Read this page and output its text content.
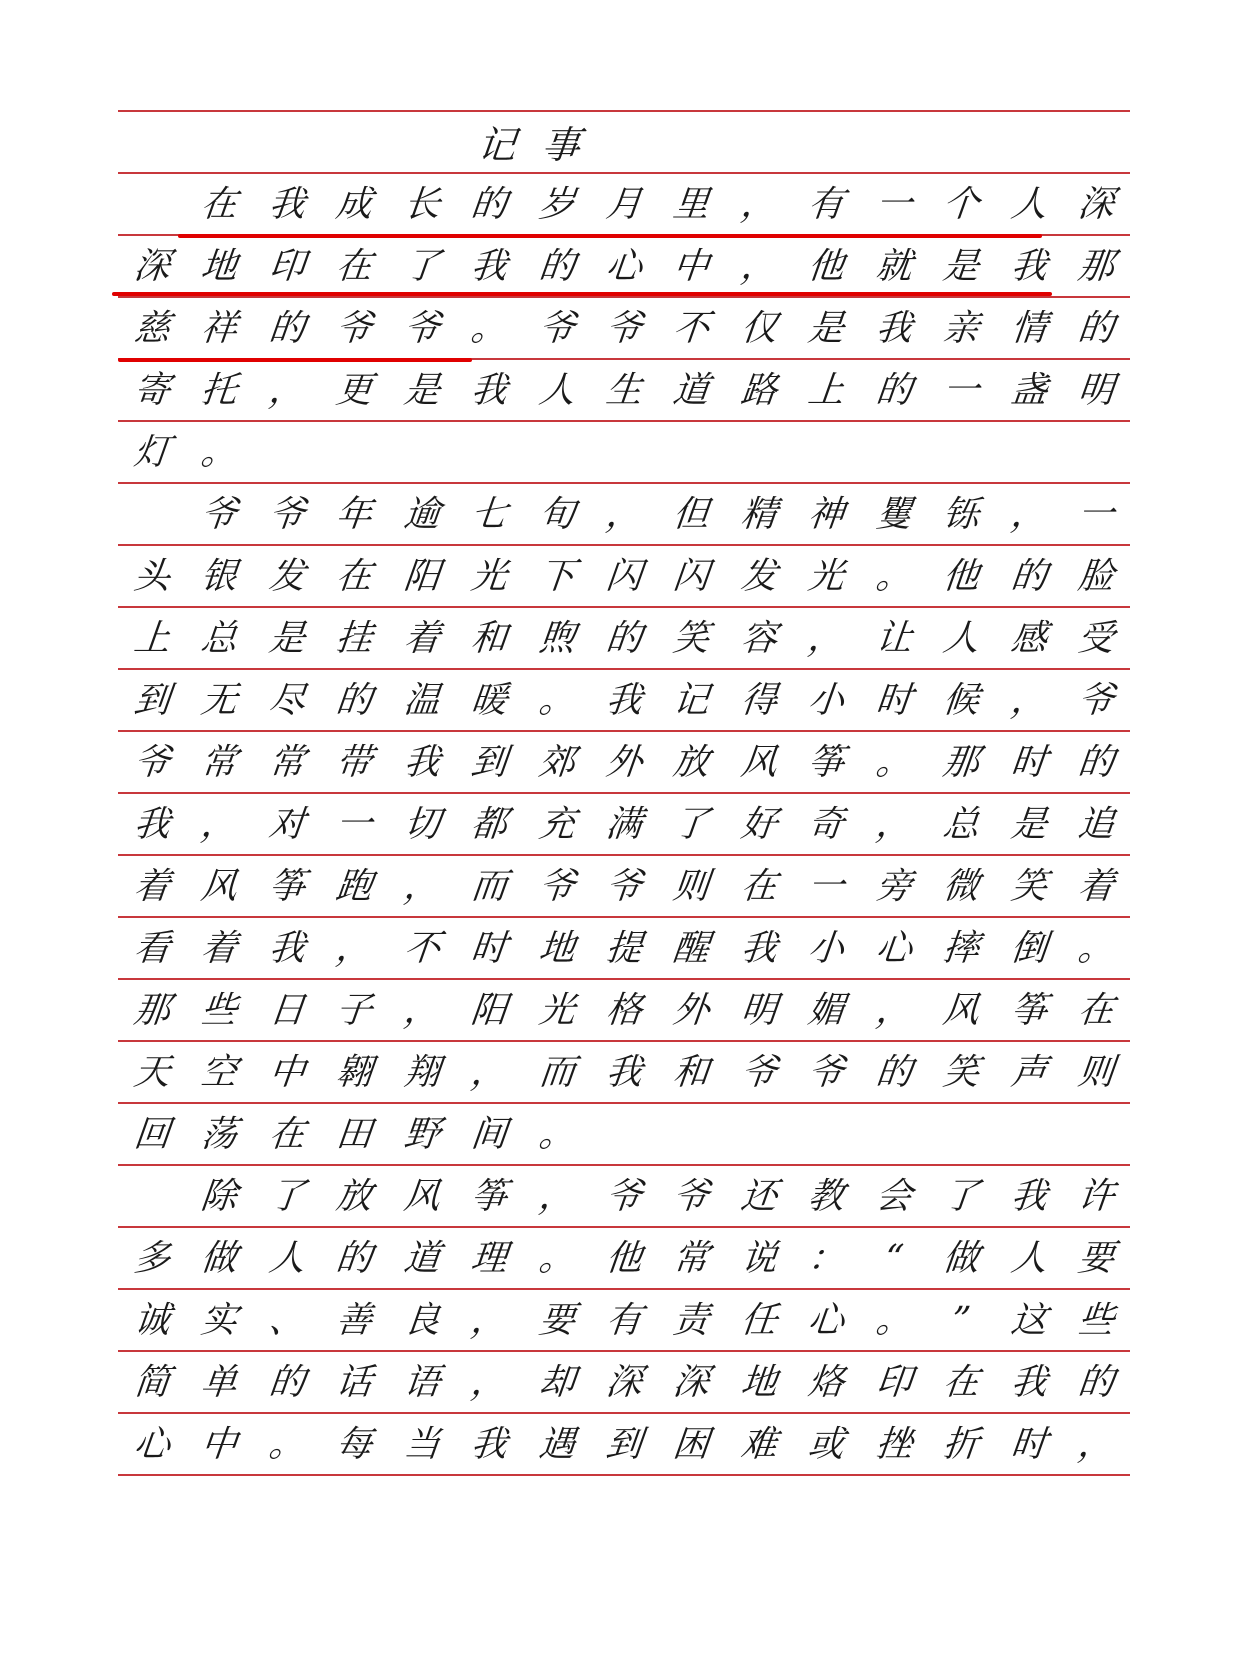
记 事
在 我 成 长 的 岁 月 里 ， 有 一 个 人 深
深 地 印 在 了 我 的 心 中 ， 他 就 是 我 那
慈 祥 的 爷 爷 。 爷 爷 不 仅 是 我 亲 情 的
寄 托 ， 更 是 我 人 生 道 路 上 的 一 盏 明
灯 。
爷 爷 年 逾 七 旬 ， 但 精 神 矍 铄 ， 一
头 银 发 在 阳 光 下 闪 闪 发 光 。 他 的 脸
上 总 是 挂 着 和 煦 的 笑 容 ， 让 人 感 受
到 无 尽 的 温 暖 。 我 记 得 小 时 候 ， 爷
爷 常 常 带 我 到 郊 外 放 风 筝 。 那 时 的
我 ， 对 一 切 都 充 满 了 好 奇 ， 总 是 追
着 风 筝 跑 ， 而 爷 爷 则 在 一 旁 微 笑 着
看 着 我 ， 不 时 地 提 醒 我 小 心 摔 倒 。
那 些 日 子 ， 阳 光 格 外 明 媚 ， 风 筝 在
天 空 中 翱 翔 ， 而 我 和 爷 爷 的 笑 声 则
回 荡 在 田 野 间 。
除 了 放 风 筝 ， 爷 爷 还 教 会 了 我 许
多 做 人 的 道 理 。 他 常 说 ： “ 做 人 要
诚 实 、 善 良 ， 要 有 责 任 心 。 ” 这 些
简 单 的 话 语 ， 却 深 深 地 烙 印 在 我 的
心 中 。 每 当 我 遇 到 困 难 或 挫 折 时 ，
